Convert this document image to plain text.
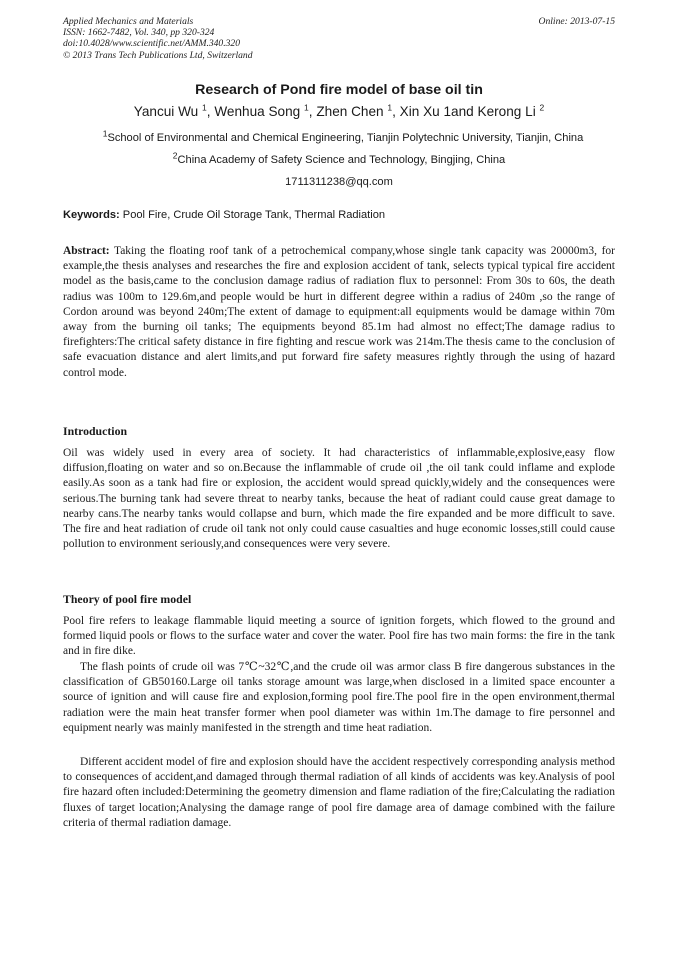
Applied Mechanics and Materials
ISSN: 1662-7482, Vol. 340, pp 320-324
doi:10.4028/www.scientific.net/AMM.340.320
© 2013 Trans Tech Publications Ltd, Switzerland
Online: 2013-07-15
Research of Pond fire model of base oil tin
Yancui Wu $^1$, Wenhua Song $^1$, Zhen Chen $^1$, Xin Xu 1and Kerong Li $^2$
$^1$School of Environmental and Chemical Engineering, Tianjin Polytechnic University, Tianjin, China
$^2$China Academy of Safety Science and Technology, Bingjing, China
1711311238@qq.com
Keywords: Pool Fire, Crude Oil Storage Tank, Thermal Radiation

Abstract: Taking the floating roof tank of a petrochemical company,whose single tank capacity was 20000m3, for example,the thesis analyses and researches the fire and explosion accident of tank, selects typical typical fire accident model as the basis,came to the conclusion damage radius of radiation flux to personnel: From 30s to 60s, the death radius was 100m to 129.6m,and people would be hurt in different degree within a radius of 240m ,so the range of Cordon around was beyond 240m;The extent of damage to equipment:all equipments would be damage within 70m away from the burning oil tanks; The equipments beyond 85.1m had almost no effect;The damage radius to firefighters:The critical safety distance in fire fighting and rescue work was 214m.The thesis came to the conclusion of safe evacuation distance and alert limits,and put forward fire safety measures rightly through the using of hazard control mode.

Introduction

Oil was widely used in every area of society. It had characteristics of inflammable,explosive,easy flow diffusion,floating on water and so on.Because the inflammable of crude oil ,the oil tank could inflame and explode easily.As soon as a tank had fire or explosion, the accident would spread quickly,widely and the consequences were serious.The burning tank had severe threat to nearby tanks, because the heat of radiant could cause great damage to nearby cans.The nearby tanks would collapse and burn, which made the fire expanded and be more difficult to save. The fire and heat radiation of crude oil tank not only could cause casualties and huge economic losses,still could cause pollution to environment seriously,and consequences were very severe.

Theory of pool fire model

Pool fire refers to leakage flammable liquid meeting a source of ignition forgets, which flowed to the ground and formed liquid pools or flows to the surface water and cover the water. Pool fire has two main forms: the fire in the tank and in fire dike.

The flash points of crude oil was 7℃~32℃,and the crude oil was armor class B fire dangerous substances in the classification of GB50160.Large oil tanks storage amount was large,when disclosed in a limited space encounter a source of ignition and will cause fire and explosion,forming pool fire.The pool fire in the open environment,thermal radiation were the main heat transfer former when pool diameter was within 1m.The damage to fire personnel and equipment nearly was mainly manifested in the strength and time heat radiation.

Different accident model of fire and explosion should have the accident respectively corresponding analysis method to consequences of accident,and damaged through thermal radiation of all kinds of accidents was key.Analysis of pool fire hazard often included:Determining the geometry dimension and flame radiation of the fire;Calculating the radiation fluxes of target location;Analysing the damage range of pool fire damage area of damage combined with the failure criteria of thermal radiation damage.
